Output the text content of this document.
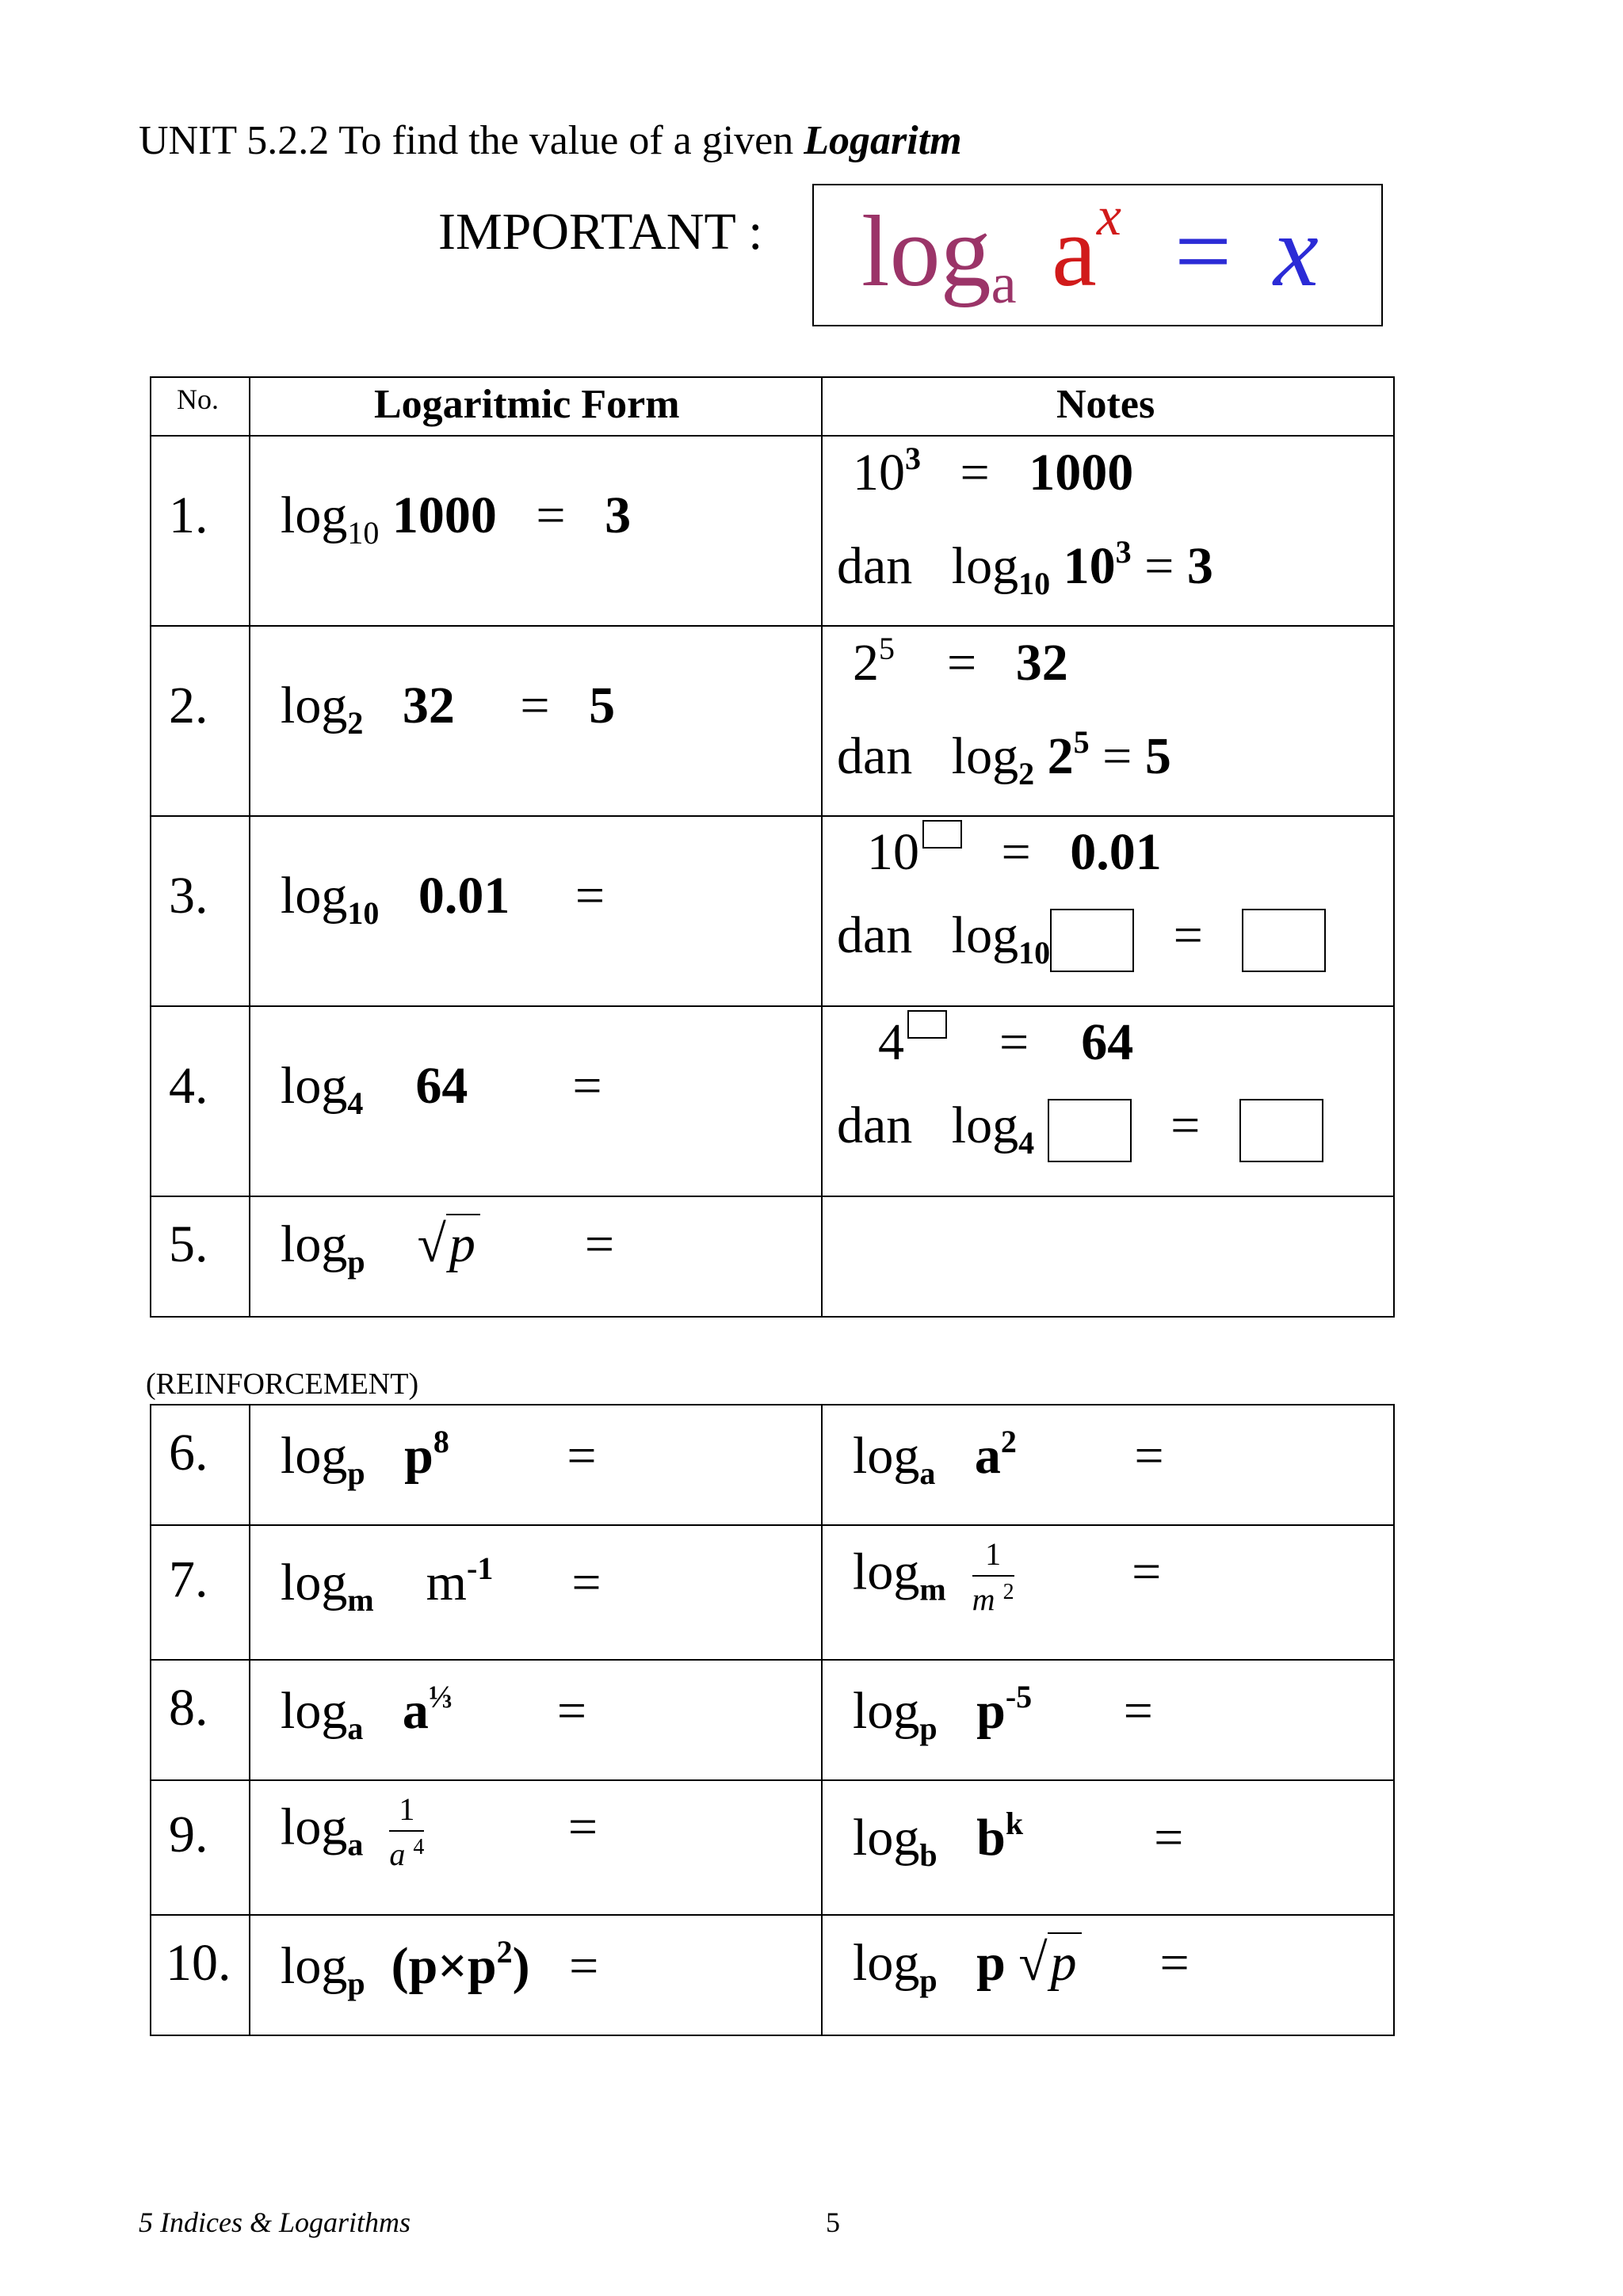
UNIT 5.2.2 To find the value of a given Logaritm
IMPORTANT : $\log_a a^x = x$
No.	Logaritmic Form	Notes

1.	$\log_{10} 1000 = 3$	$10^3 = 1000$
dan $\log_{10} 10^3 = 3$

2.	$\log_2 32 = 5$	$2^5 = 32$
dan $\log_2 2^5 = 5$

3.	$\log_{10} 0.01$ =	10 = 0.01
dan $\log_{10}$ =

4.	$\log_4 64$ =	4 = 64
dan $\log_4$ =

5.	$\log_p √p$ =	

(REINFORCEMENT)
6.	$\log_p p^8$ =	$\log_a a^2$ =

7.	$\log_m m^{-1}$ =	$\log_m \frac{1}{m ^2}$ =

8.	$\log_a a^{\frac{1}{3}}$ =	$\log_p p^{-5}$ =

9.	$\log_a \frac{1}{a ^4}$ =	$\log_b b^k$ =

10.	$\log_p (p\times p^2)$ =	$\log_p p$ √p =
5 Indices & Logarithms	5
